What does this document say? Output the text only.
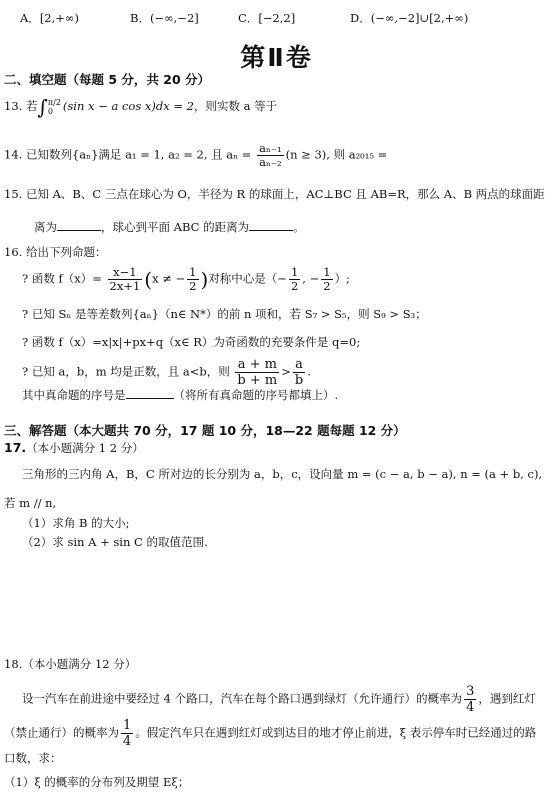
A．[2,+∞)	B．(−∞,−2]	C．[−2,2]	D．(−∞,−2]∪[2,+∞)
第Ⅱ卷
二、填空题（每题 5 分，共 20 分）
13. 若∫ π/2
0 (sin x − a cos x)dx = 2，则实数 a 等于
14. 已知数列{aₙ}满足 a₁ = 1, a₂ = 2, 且 $a_n = \frac{\text{aₙ₋₁}}{\text{aₙ₋₂}} (n \ge 3)$, 则 a₂₀₁₅ =
15. 已知 A、B、C 三点在球心为 O，半径为 R 的球面上，AC⊥BC 且 AB=R，那么 A、B 两点的球面距
离为	，球心到平面 ABC 的距离为	。
16. 给出下列命题：
? 函数 $f(x)= \frac{x-1}{2x+1} (x$ ≠ − $\frac{1}{2}$ )对称中心是（− $\frac{1}{2}$ , − $\frac{1}{2}$ ）;
? 已知 Sₙ 是等差数列{aₙ}（n∈ N*）的前 n 项和，若 S₇ > S₅，则 S₉ > S₃；
? 函数 f（x）=x|x|+px+q（x∈ R）为奇函数的充要条件是 q=0;
? 已知 a，b，m 均是正数，且 a<b，则 $\frac{a + m}{b + m} > \frac{a}{b}$ .
其中真命题的序号是	（将所有真命题的序号都填上）.
三、解答题（本大题共 70 分，17 题 10 分，18—22 题每题 12 分）
17.（本小题满分 1 2 分）
三角形的三内角 A，B，C 所对边的长分别为 a，b，c，设向量 m = (c − a, b − a), n = (a + b, c),
若 m // n,
（1）求角 B 的大小;
（2）求 sin A + sin C 的取值范围.
18.（本小题满分 12 分）
设一汽车在前进途中要经过 4 个路口，汽车在每个路口遇到绿灯（允许通行）的概率为 $\frac{3}{4}$ ，遇到红灯
（禁止通行）的概率为 $\frac{1}{4}$ 。假定汽车只在遇到红灯或到达目的地才停止前进，ξ 表示停车时已经通过的路
口数，求：
（1）ξ 的概率的分布列及期望 Eξ；
